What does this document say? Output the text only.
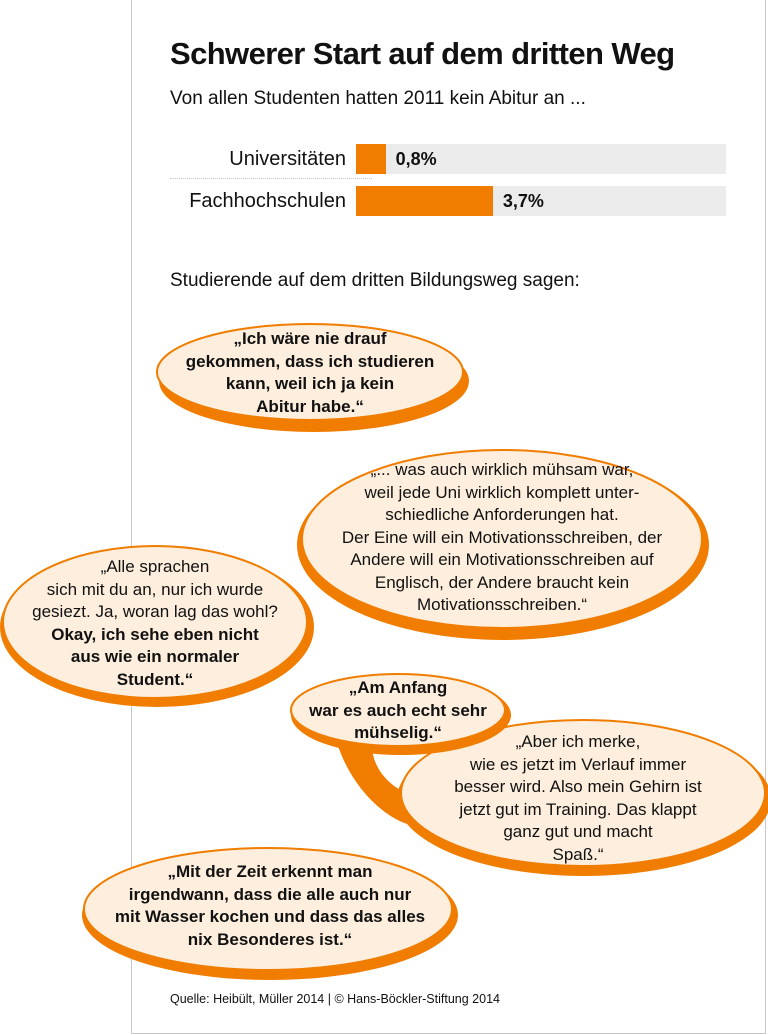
Schwerer Start auf dem dritten Weg
Von allen Studenten hatten 2011 kein Abitur an ...
Universitäten	0,8%
Fachhochschulen	3,7%
Studierende auf dem dritten Bildungsweg sagen:
„Ich wäre nie drauf
gekommen, dass ich studieren
kann, weil ich ja kein
Abitur habe.“
„... was auch wirklich mühsam war,
weil jede Uni wirklich komplett unter-
schiedliche Anforderungen hat.
Der Eine will ein Motivationsschreiben, der
Andere will ein Motivationsschreiben auf
Englisch, der Andere braucht kein
Motivationsschreiben.“
„Alle sprachen
sich mit du an, nur ich wurde
gesiezt. Ja, woran lag das wohl?
Okay, ich sehe eben nicht
aus wie ein normaler
Student.“	„Am Anfang
war es auch echt sehr
mühselig.“	„Aber ich merke,
wie es jetzt im Verlauf immer
besser wird. Also mein Gehirn ist
jetzt gut im Training. Das klappt
ganz gut und macht
Spaß.“
„Mit der Zeit erkennt man
irgendwann, dass die alle auch nur
mit Wasser kochen und dass das alles
nix Besonderes ist.“
Quelle: Heibült, Müller 2014 | © Hans-Böckler-Stiftung 2014
